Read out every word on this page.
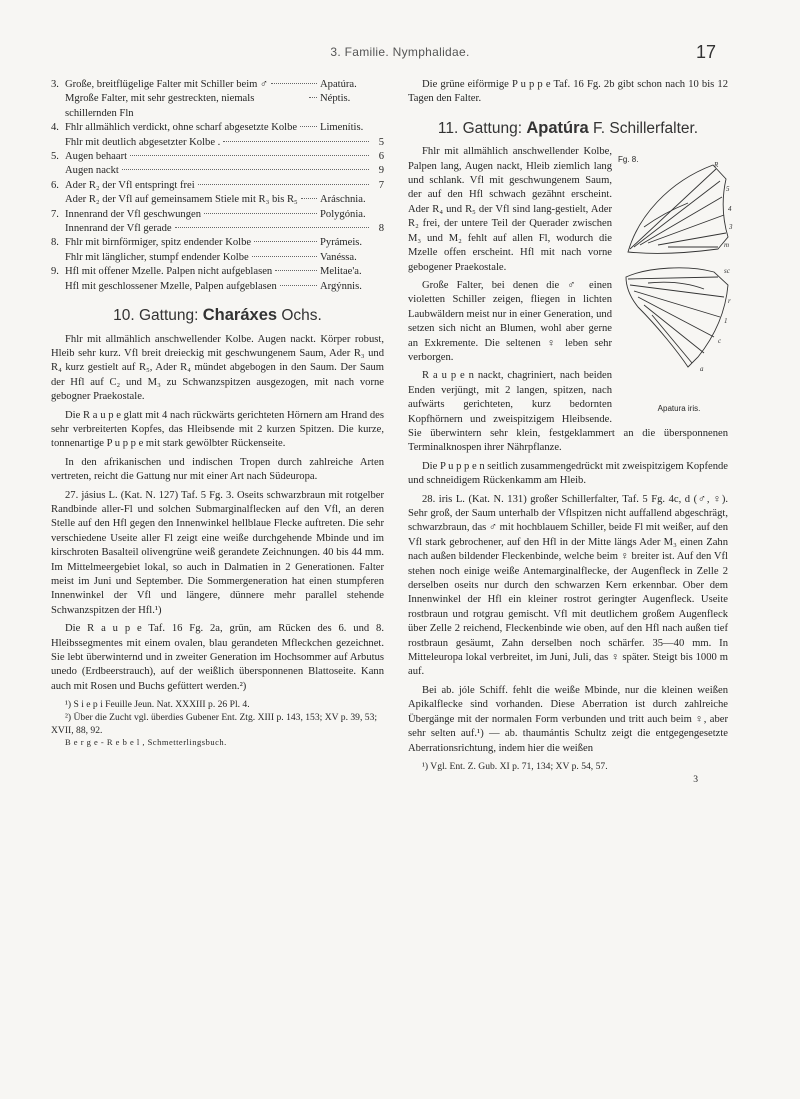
3. Familie. Nymphalidae.	17
3. Große, breitflügelige Falter mit Schiller beim ♂	Apatúra.
Mgroße Falter, mit sehr gestreckten, niemals schillernden Fln
Néptis.
4. Fhlr allmählich verdickt, ohne scharf abgesetzte Kolbe Limenítis.
Fhlr mit deutlich abgesetzter Kolbe .	5
5. Augen behaart	6
Augen nackt	9
6. Ader R₂ der Vfl entspringt frei	7
Ader R₂ der Vfl auf gemeinsamem Stiele mit R₃ bis R₅ Aráschnia.
7. Innenrand der Vfl geschwungen	Polygónia.
Innenrand der Vfl gerade	8
8. Fhlr mit birnförmiger, spitz endender Kolbe	Pyrámeis.
Fhlr mit länglicher, stumpf endender Kolbe	Vanéssa.
9. Hfl mit offener Mzelle. Palpen nicht aufgeblasen	Melitae'a.
Hfl mit geschlossener Mzelle, Palpen aufgeblasen	Argýnnis.
10. Gattung: Charáxes Ochs.

Fhlr mit allmählich anschwellender Kolbe. Augen nackt. Körper robust, Hleib sehr kurz. Vfl breit dreieckig mit geschwungenem Saum, Ader R₃ und R₄ kurz gestielt auf R₅, Ader R₄ mündet abgebogen in den Saum. Der Saum der Hfl auf C₂ und M₃ zu Schwanzspitzen ausgezogen, mit nach vorne gebogner Praekostale.

Die R a u p e glatt mit 4 nach rückwärts gerichteten Hörnern am Hrand des sehr verbreiterten Kopfes, das Hleibsende mit 2 kurzen Spitzen. Die kurze, tonnenartige P u p p e mit stark gewölbter Rückenseite.

In den afrikanischen und indischen Tropen durch zahlreiche Arten vertreten, reicht die Gattung nur mit einer Art nach Südeuropa.

27. jásius L. (Kat. N. 127) Taf. 5 Fg. 3. Oseits schwarzbraun mit rotgelber Randbinde aller-Fl und solchen Submarginalflecken auf den Vfl, an deren Stelle auf den Hfl gegen den Innenwinkel hellblaue Flecke auftreten. Die sehr verschiedene Useite aller Fl zeigt eine weiße durchgehende Mbinde und im kirschroten Basalteil olivengrüne weiß gerandete Zeichnungen. 40 bis 44 mm. Im Mittelmeergebiet lokal, so auch in Dalmatien in 2 Generationen. Falter meist im Juni und September. Die Sommergeneration hat einen stumpferen Innenwinkel der Vfl und längere, dünnere mehr parallel stehende Schwanzspitzen der Hfl.¹)

Die R a u p e Taf. 16 Fg. 2a, grün, am Rücken des 6. und 8. Hleibssegmentes mit einem ovalen, blau gerandeten Mfleckchen gezeichnet. Sie lebt überwinternd und in zweiter Generation im Hochsommer auf Arbutus unedo (Erdbeerstrauch), auf der weißlich übersponnenen Blattoseite. Kann auch mit Rosen und Buchs gefüttert werden.²)

¹) S i e p i Feuille Jeun. Nat. XXXIII p. 26 Pl. 4.
²) Über die Zucht vgl. überdies Gubener Ent. Ztg. XIII p. 143, 153; XV p. 39, 53; XVII, 88, 92.
B e r g e - R e b e l , Schmetterlingsbuch.

Die grüne eiförmige P u p p e Taf. 16 Fg. 2b gibt schon nach 10 bis 12 Tagen den Falter.

11. Gattung: Apatúra F. Schillerfalter.
Fg. 8.
R
5
4
3
m
sc
r
1
c
a
Apatura iris.

Fhlr mit allmählich anschwellender Kolbe, Palpen lang, Augen nackt, Hleib ziemlich lang und schlank. Vfl mit geschwungenem Saum, der auf den Hfl schwach gezähnt erscheint. Ader R₄ und R₅ der Vfl sind lang-gestielt, Ader R₂ frei, der untere Teil der Querader zwischen M₃ und M₂ fehlt auf allen Fl, wodurch die Mzelle offen erscheint. Hfl mit nach vorne gebogener Praekostale.

Große Falter, bei denen die ♂ einen violetten Schiller zeigen, fliegen in lichten Laubwäldern meist nur in einer Generation, und setzen sich nicht an Blumen, wohl aber gerne an Exkremente. Die seltenen ♀ leben sehr verborgen.

R a u p e n nackt, chagriniert, nach beiden Enden verjüngt, mit 2 langen, spitzen, nach aufwärts gerichteten, kurz bedornten Kopfhörnern und zweispitzigem Hleibsende. Sie überwintern sehr klein, festgeklammert an die übersponnenen Terminalknospen ihrer Nährpflanze.

Die P u p p e n seitlich zusammengedrückt mit zweispitzigem Kopfende und schneidigem Rückenkamm am Hleib.

28. iris L. (Kat. N. 131) großer Schillerfalter, Taf. 5 Fg. 4c, d (♂, ♀). Sehr groß, der Saum unterhalb der Vflspitzen nicht auffallend abgeschrägt, schwarzbraun, das ♂ mit hochblauem Schiller, beide Fl mit weißer, auf den Vfl stark gebrochener, auf den Hfl in der Mitte längs Ader M₃ einen Zahn nach außen bildender Fleckenbinde, welche beim ♀ breiter ist. Auf den Vfl stehen noch einige weiße Antemarginalflecke, der Augenfleck in Zelle 2 derselben oseits nur durch den schwarzen Kern erkennbar. Ober dem Innenwinkel der Hfl ein kleiner rostrot geringter Augenfleck. Useite rostbraun und rotgrau gemischt. Vfl mit deutlichem großem Augenfleck über Zelle 2 reichend, Fleckenbinde wie oben, auf den Hfl nach außen tief rostbraun gesäumt, Zahn derselben noch schärfer. 35—40 mm. In Mitteleuropa lokal verbreitet, im Juni, Juli, das ♀ später. Steigt bis 1000 m auf.

Bei ab. jóle Schiff. fehlt die weiße Mbinde, nur die kleinen weißen Apikalflecke sind vorhanden. Diese Aberration ist durch zahlreiche Übergänge mit der normalen Form verbunden und tritt auch beim ♀, aber sehr selten auf.¹) — ab. thaumántis Schultz zeigt die entgegengesetzte Aberrationsrichtung, indem hier die weißen

¹) Vgl. Ent. Z. Gub. XI p. 71, 134; XV p. 54, 57.
3
